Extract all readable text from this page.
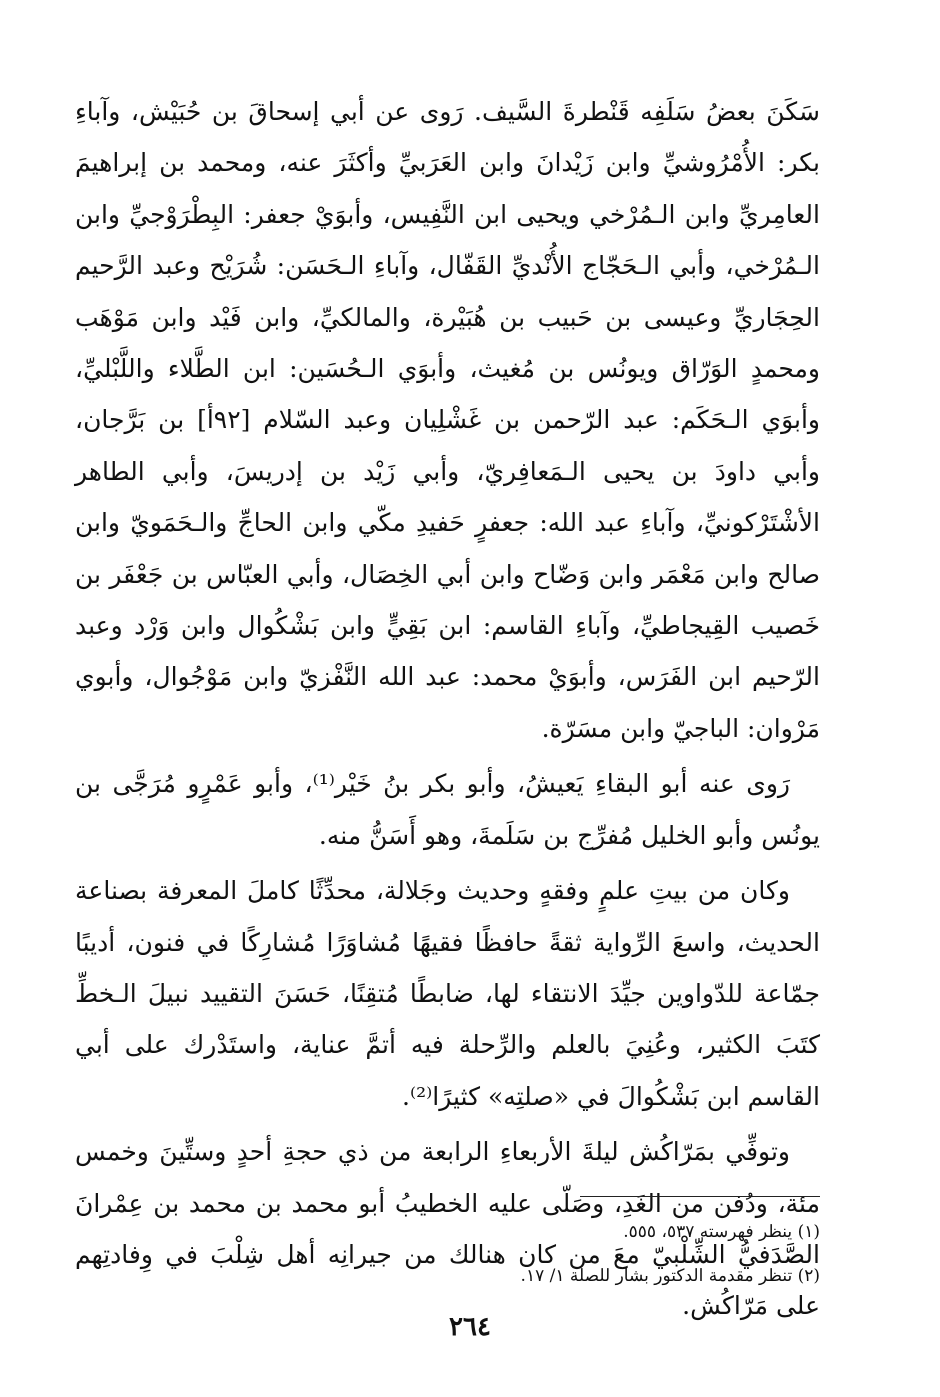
سَكَنَ بعضُ سَلَفِه قَنْطرةَ السَّيف. رَوى عن أبي إسحاقَ بن حُبَيْش، وآباءِ بكر: الأُمْرُوشيِّ وابن زَيْدانَ وابن العَرَبيِّ وأكثَرَ عنه، ومحمد بن إبراهيمَ العامِريِّ وابن الـمُرْخي ويحيى ابن النَّفِيس، وأبوَيْ جعفر: البِطْرَوْجيِّ وابن الـمُرْخي، وأبي الـحَجّاج الأُنْديِّ القَفّال، وآباءِ الـحَسَن: شُرَيْح وعبد الرَّحيم الحِجَاريِّ وعيسى بن حَبيب بن هُبَيْرة، والمالكيِّ، وابن فَيْد وابن مَوْهَب ومحمدٍ الوَرّاق ويونُس بن مُغيث، وأبوَي الـحُسَين: ابن الطَّلاء واللَّبْليِّ، وأبوَي الـحَكَم: عبد الرّحمن بن غَشْلِيان وعبد السّلام [٩٢أ] بن بَرَّجان، وأبي داودَ بن يحيى الـمَعافِريّ، وأبي زَيْد بن إدريسَ، وأبي الطاهر الأشْتَرْكونيِّ، وآباءِ عبد الله: جعفرٍ حَفيدِ مكّي وابن الحاجِّ والـحَمَويّ وابن صالح وابن مَعْمَر وابن وَضّاح وابن أبي الخِصَال، وأبي العبّاس بن جَعْفَر بن خَصيب القِيجاطيِّ، وآباءِ القاسم: ابن بَقِيٍّ وابن بَشْكُوال وابن وَرْد وعبد الرّحيم ابن الفَرَس، وأبوَيْ محمد: عبد الله النَّفْزيّ وابن مَوْجُوال، وأبوي مَرْوان: الباجيّ وابن مسَرّة.

رَوى عنه أبو البقاءِ يَعيشُ، وأبو بكر بنُ خَيْر⁽¹⁾، وأبو عَمْرٍو مُرَجَّى بن يونُس وأبو الخليل مُفرِّج بن سَلَمةَ، وهو أَسَنُّ منه.

وكان من بيتِ علمٍ وفقهٍ وحديث وجَلالة، محدِّثًا كاملَ المعرفة بصناعة الحديث، واسعَ الرِّواية ثقةً حافظًا فقيهًا مُشاوَرًا مُشارِكًا في فنون، أديبًا جمّاعة للدّواوين جيِّدَ الانتقاء لها، ضابطًا مُتقِنًا، حَسَنَ التقييد نبيلَ الـخطِّ كتَبَ الكثير، وعُنِيَ بالعلم والرِّحلة فيه أتمَّ عناية، واستَدْرك على أبي القاسم ابن بَشْكُوالَ في «صلتِه» كثيرًا⁽²⁾.

وتوفِّي بمَرّاكُش ليلةَ الأربعاءِ الرابعة من ذي حجةِ أحدٍ وستِّينَ وخمس مئة، ودُفن من الغَدِ، وصَلّى عليه الخطيبُ أبو محمد بن محمد بن عِمْرانَ الصَّدَفيُّ الشِّلْبيّ معَ من كان هنالك من جيرانِه أهل شِلْبَ في وِفادتِهم على مَرّاكُش.

(١) ينظر فهرسته ٥٣٧، ٥٥٥.

(٢) تنظر مقدمة الدكتور بشار للصلة ١/ ١٧.

٢٦٤
